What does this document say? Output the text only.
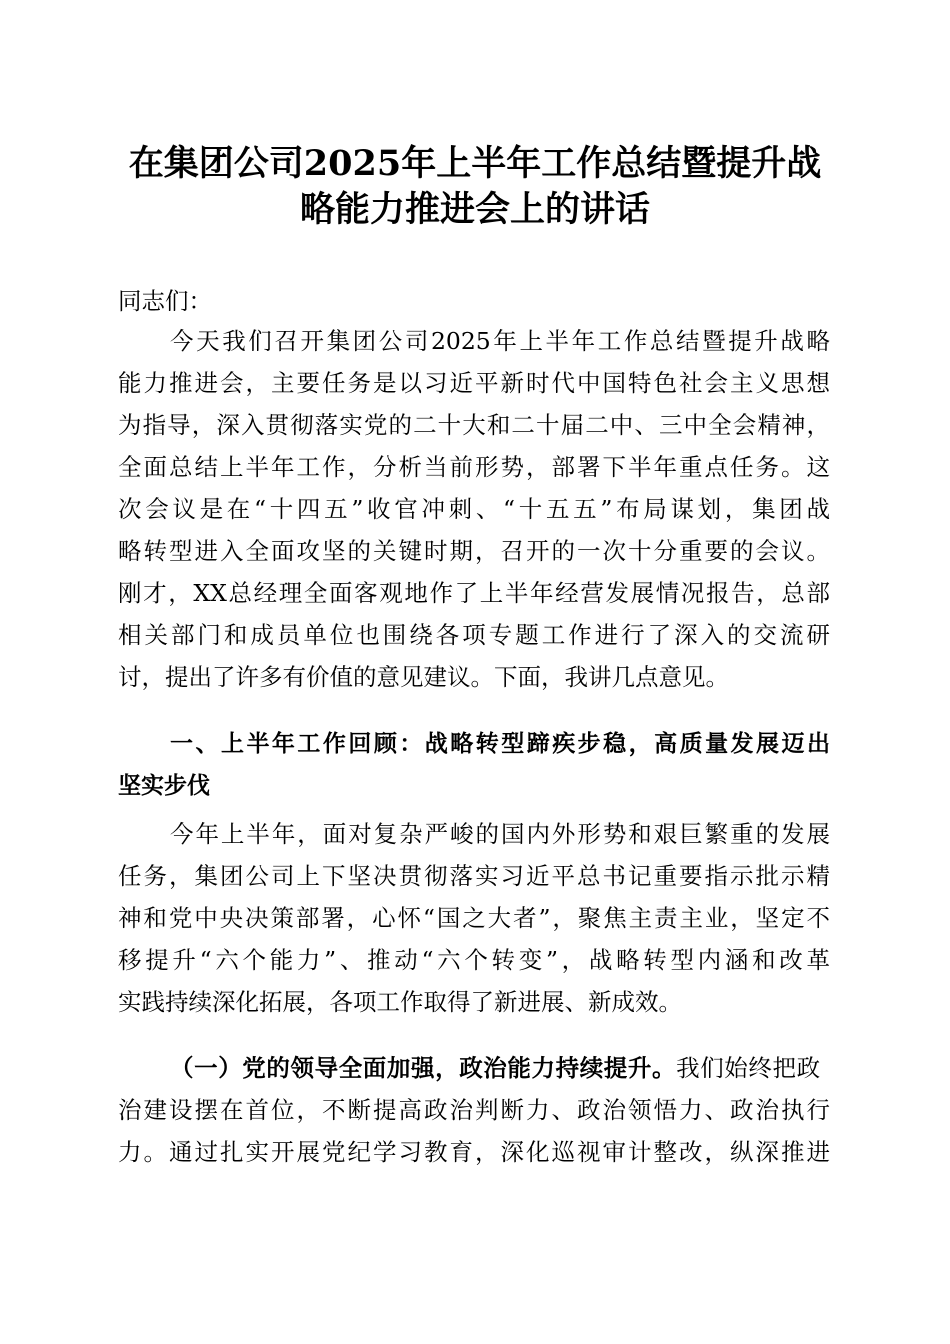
在集团公司2025年上半年工作总结暨提升战
略能力推进会上的讲话

同志们：

今天我们召开集团公司2025年上半年工作总结暨提升战略

能力推进会，主要任务是以习近平新时代中国特色社会主义思想

为指导，深入贯彻落实党的二十大和二十届二中、三中全会精神，

全面总结上半年工作，分析当前形势，部署下半年重点任务。这

次会议是在“十四五”收官冲刺、“十五五”布局谋划，集团战

略转型进入全面攻坚的关键时期，召开的一次十分重要的会议。

刚才，XX总经理全面客观地作了上半年经营发展情况报告，总部

相关部门和成员单位也围绕各项专题工作进行了深入的交流研

讨，提出了许多有价值的意见建议。下面，我讲几点意见。

一、上半年工作回顾：战略转型蹄疾步稳，高质量发展迈出

坚实步伐

今年上半年，面对复杂严峻的国内外形势和艰巨繁重的发展

任务，集团公司上下坚决贯彻落实习近平总书记重要指示批示精

神和党中央决策部署，心怀“国之大者”，聚焦主责主业，坚定不

移提升“六个能力”、推动“六个转变”，战略转型内涵和改革

实践持续深化拓展，各项工作取得了新进展、新成效。

（一）党的领导全面加强，政治能力持续提升。我们始终把政

治建设摆在首位，不断提高政治判断力、政治领悟力、政治执行

力。通过扎实开展党纪学习教育，深化巡视审计整改，纵深推进
